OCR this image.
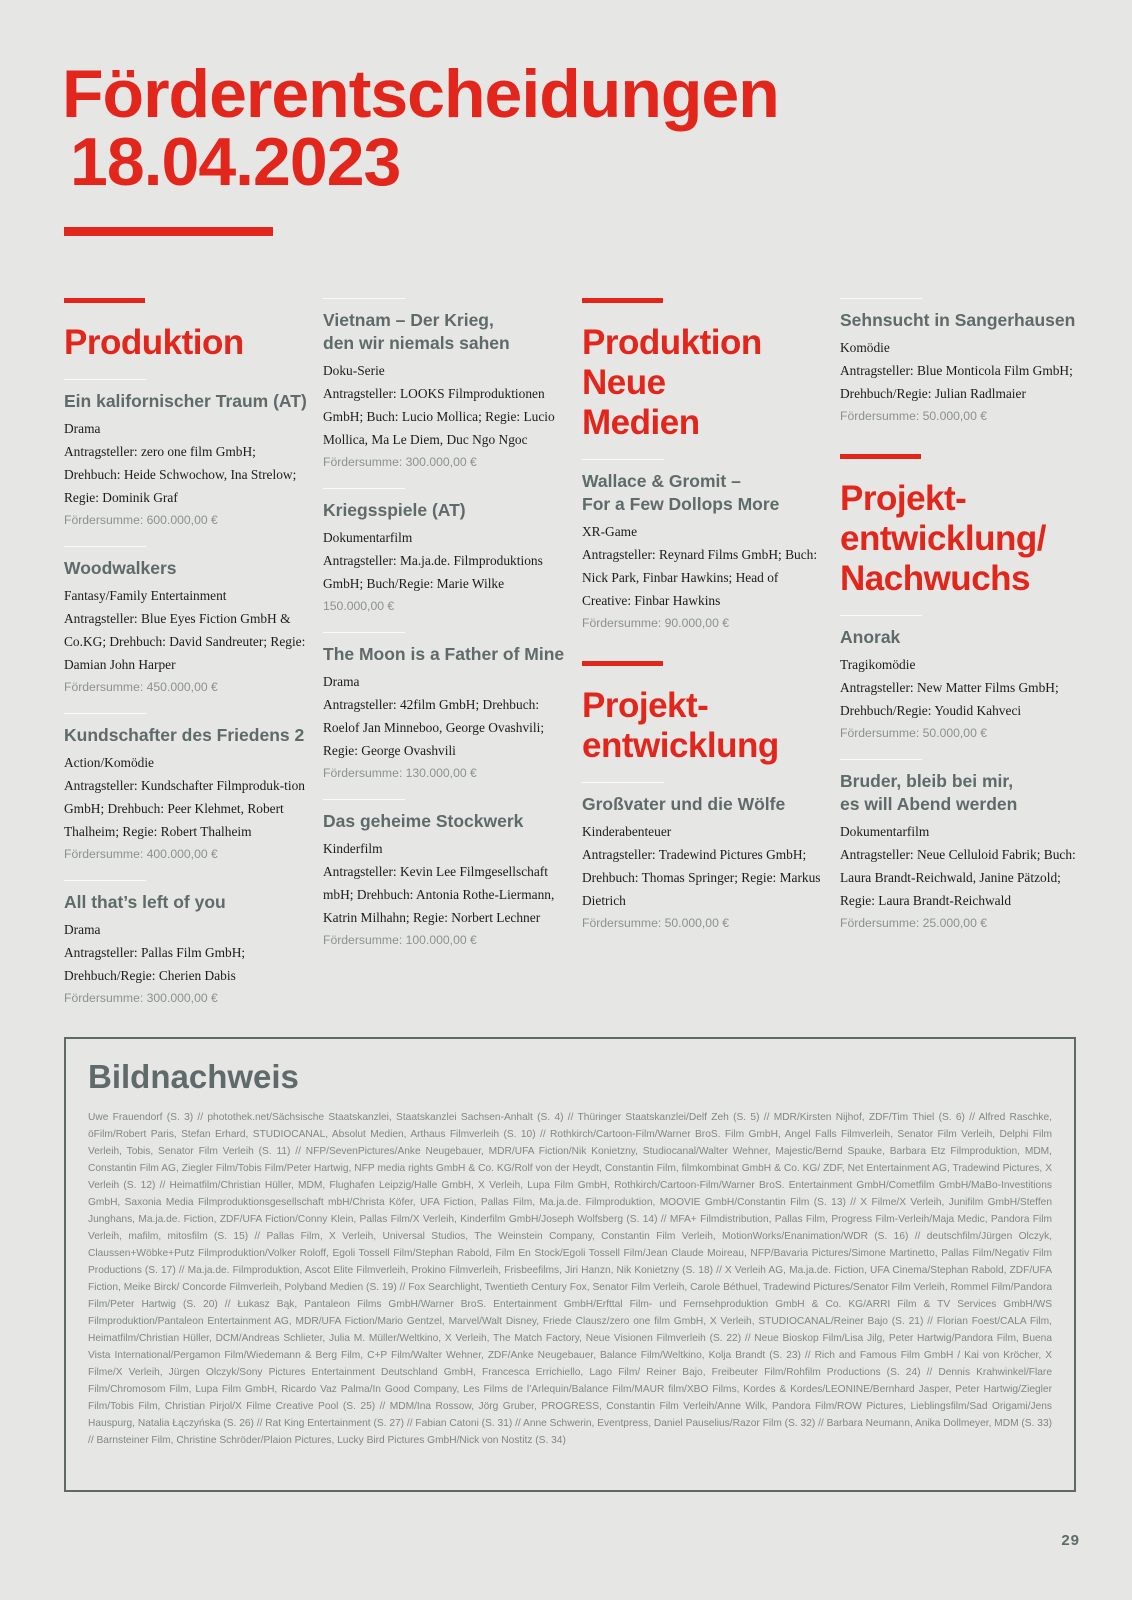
Förderentscheidungen
18.04.2023
Produktion
Ein kalifornischer Traum (AT)
Drama
Antragsteller: zero one film GmbH; Drehbuch: Heide Schwochow, Ina Strelow; Regie: Dominik Graf
Fördersumme: 600.000,00 €
Woodwalkers
Fantasy/Family Entertainment
Antragsteller: Blue Eyes Fiction GmbH & Co.KG; Drehbuch: David Sandreuter; Regie: Damian John Harper
Fördersumme: 450.000,00 €
Kundschafter des Friedens 2
Action/Komödie
Antragsteller: Kundschafter Filmproduk-tion GmbH; Drehbuch: Peer Klehmet, Robert Thalheim; Regie: Robert Thalheim
Fördersumme: 400.000,00 €
All that’s left of you
Drama
Antragsteller: Pallas Film GmbH; Drehbuch/Regie: Cherien Dabis
Fördersumme: 300.000,00 €
Vietnam – Der Krieg,
den wir niemals sahen
Doku-Serie
Antragsteller: LOOKS Filmproduktionen GmbH; Buch: Lucio Mollica; Regie: Lucio Mollica, Ma Le Diem, Duc Ngo Ngoc
Fördersumme: 300.000,00 €
Kriegsspiele (AT)
Dokumentarfilm
Antragsteller: Ma.ja.de. Filmproduktions GmbH; Buch/Regie: Marie Wilke
150.000,00 €
The Moon is a Father of Mine
Drama
Antragsteller: 42film GmbH; Drehbuch: Roelof Jan Minneboo, George Ovashvili; Regie: George Ovashvili
Fördersumme: 130.000,00 €
Das geheime Stockwerk
Kinderfilm
Antragsteller: Kevin Lee Filmgesellschaft mbH; Drehbuch: Antonia Rothe-Liermann, Katrin Milhahn; Regie: Norbert Lechner
Fördersumme: 100.000,00 €
Produktion Neue Medien
Wallace & Gromit –
For a Few Dollops More
XR-Game
Antragsteller: Reynard Films GmbH; Buch: Nick Park, Finbar Hawkins; Head of Creative: Finbar Hawkins
Fördersumme: 90.000,00 €
Projekt-entwicklung
Großvater und die Wölfe
Kinderabenteuer
Antragsteller: Tradewind Pictures GmbH; Drehbuch: Thomas Springer; Regie: Markus Dietrich
Fördersumme: 50.000,00 €
Sehnsucht in Sangerhausen
Komödie
Antragsteller: Blue Monticola Film GmbH; Drehbuch/Regie: Julian Radlmaier
Fördersumme: 50.000,00 €
Projekt-entwicklung/ Nachwuchs
Anorak
Tragikomödie
Antragsteller: New Matter Films GmbH; Drehbuch/Regie: Youdid Kahveci
Fördersumme: 50.000,00 €
Bruder, bleib bei mir,
es will Abend werden
Dokumentarfilm
Antragsteller: Neue Celluloid Fabrik; Buch: Laura Brandt-Reichwald, Janine Pätzold; Regie: Laura Brandt-Reichwald
Fördersumme: 25.000,00 €
Bildnachweis

Uwe Frauendorf (S. 3) // photothek.net/Sächsische Staatskanzlei, Staatskanzlei Sachsen-Anhalt (S. 4) // Thüringer Staatskanzlei/Delf Zeh (S. 5) // MDR/Kirsten Nijhof, ZDF/Tim Thiel (S. 6) // Alfred Raschke, öFilm/Robert Paris, Stefan Erhard, STUDIOCANAL, Absolut Medien, Arthaus Filmverleih (S. 10) // Rothkirch/Cartoon-Film/Warner BroS. Film GmbH, Angel Falls Filmverleih, Senator Film Verleih, Delphi Film Verleih, Tobis, Senator Film Verleih (S. 11) // NFP/SevenPictures/Anke Neugebauer, MDR/UFA Fiction/Nik Konietzny, Studiocanal/Walter Wehner, Majestic/Bernd Spauke, Barbara Etz Filmproduktion, MDM, Constantin Film AG, Ziegler Film/Tobis Film/Peter Hartwig, NFP media rights GmbH & Co. KG/Rolf von der Heydt, Constantin Film, filmkombinat GmbH & Co. KG/ ZDF, Net Entertainment AG, Tradewind Pictures, X Verleih (S. 12) // Heimatfilm/Christian Hüller, MDM, Flughafen Leipzig/Halle GmbH, X Verleih, Lupa Film GmbH, Rothkirch/Cartoon-Film/Warner BroS. Entertainment GmbH/Cometfilm GmbH/MaBo-Investitions GmbH, Saxonia Media Filmproduktionsgesellschaft mbH/Christa Köfer, UFA Fiction, Pallas Film, Ma.ja.de. Filmproduktion, MOOVIE GmbH/Constantin Film (S. 13) // X Filme/X Verleih, Junifilm GmbH/Steffen Junghans, Ma.ja.de. Fiction, ZDF/UFA Fiction/Conny Klein, Pallas Film/X Verleih, Kinderfilm GmbH/Joseph Wolfsberg (S. 14) // MFA+ Filmdistribution, Pallas Film, Progress Film-Verleih/Maja Medic, Pandora Film Verleih, mafilm, mitosfilm (S. 15) // Pallas Film, X Verleih, Universal Studios, The Weinstein Company, Constantin Film Verleih, MotionWorks/Enanimation/WDR (S. 16) // deutschfilm/Jürgen Olczyk, Claussen+Wöbke+Putz Filmproduktion/Volker Roloff, Egoli Tossell Film/Stephan Rabold, Film En Stock/Egoli Tossell Film/Jean Claude Moireau, NFP/Bavaria Pictures/Simone Martinetto, Pallas Film/Negativ Film Productions (S. 17) // Ma.ja.de. Filmproduktion, Ascot Elite Filmverleih, Prokino Filmverleih, Frisbeefilms, Jiri Hanzn, Nik Konietzny (S. 18) // X Verleih AG, Ma.ja.de. Fiction, UFA Cinema/Stephan Rabold, ZDF/UFA Fiction, Meike Birck/ Concorde Filmverleih, Polyband Medien (S. 19) // Fox Searchlight, Twentieth Century Fox, Senator Film Verleih, Carole Béthuel, Tradewind Pictures/Senator Film Verleih, Rommel Film/Pandora Film/Peter Hartwig (S. 20) // Łukasz Bąk, Pantaleon Films GmbH/Warner BroS. Entertainment GmbH/Erfttal Film- und Fernsehproduktion GmbH & Co. KG/ARRI Film & TV Services GmbH/WS Filmproduktion/Pantaleon Entertainment AG, MDR/UFA Fiction/Mario Gentzel, Marvel/Walt Disney, Friede Clausz/zero one film GmbH, X Verleih, STUDIOCANAL/Reiner Bajo (S. 21) // Florian Foest/CALA Film, Heimatfilm/Christian Hüller, DCM/Andreas Schlieter, Julia M. Müller/Weltkino, X Verleih, The Match Factory, Neue Visionen Filmverleih (S. 22) // Neue Bioskop Film/Lisa Jilg, Peter Hartwig/Pandora Film, Buena Vista International/Pergamon Film/Wiedemann & Berg Film, C+P Film/Walter Wehner, ZDF/Anke Neugebauer, Balance Film/Weltkino, Kolja Brandt (S. 23) // Rich and Famous Film GmbH / Kai von Kröcher, X Filme/X Verleih, Jürgen Olczyk/Sony Pictures Entertainment Deutschland GmbH, Francesca Errichiello, Lago Film/ Reiner Bajo, Freibeuter Film/Rohfilm Productions (S. 24) // Dennis Krahwinkel/Flare Film/Chromosom Film, Lupa Film GmbH, Ricardo Vaz Palma/In Good Company, Les Films de l’Arlequin/Balance Film/MAUR film/XBO Films, Kordes & Kordes/LEONINE/Bernhard Jasper, Peter Hartwig/Ziegler Film/Tobis Film, Christian Pirjol/X Filme Creative Pool (S. 25) // MDM/Ina Rossow, Jörg Gruber, PROGRESS, Constantin Film Verleih/Anne Wilk, Pandora Film/ROW Pictures, Lieblingsfilm/Sad Origami/Jens Hauspurg, Natalia Łączyńska (S. 26) // Rat King Entertainment (S. 27) // Fabian Catoni (S. 31) // Anne Schwerin, Eventpress, Daniel Pauselius/Razor Film (S. 32) // Barbara Neumann, Anika Dollmeyer, MDM (S. 33) // Barnsteiner Film, Christine Schröder/Plaion Pictures, Lucky Bird Pictures GmbH/Nick von Nostitz (S. 34)

29
